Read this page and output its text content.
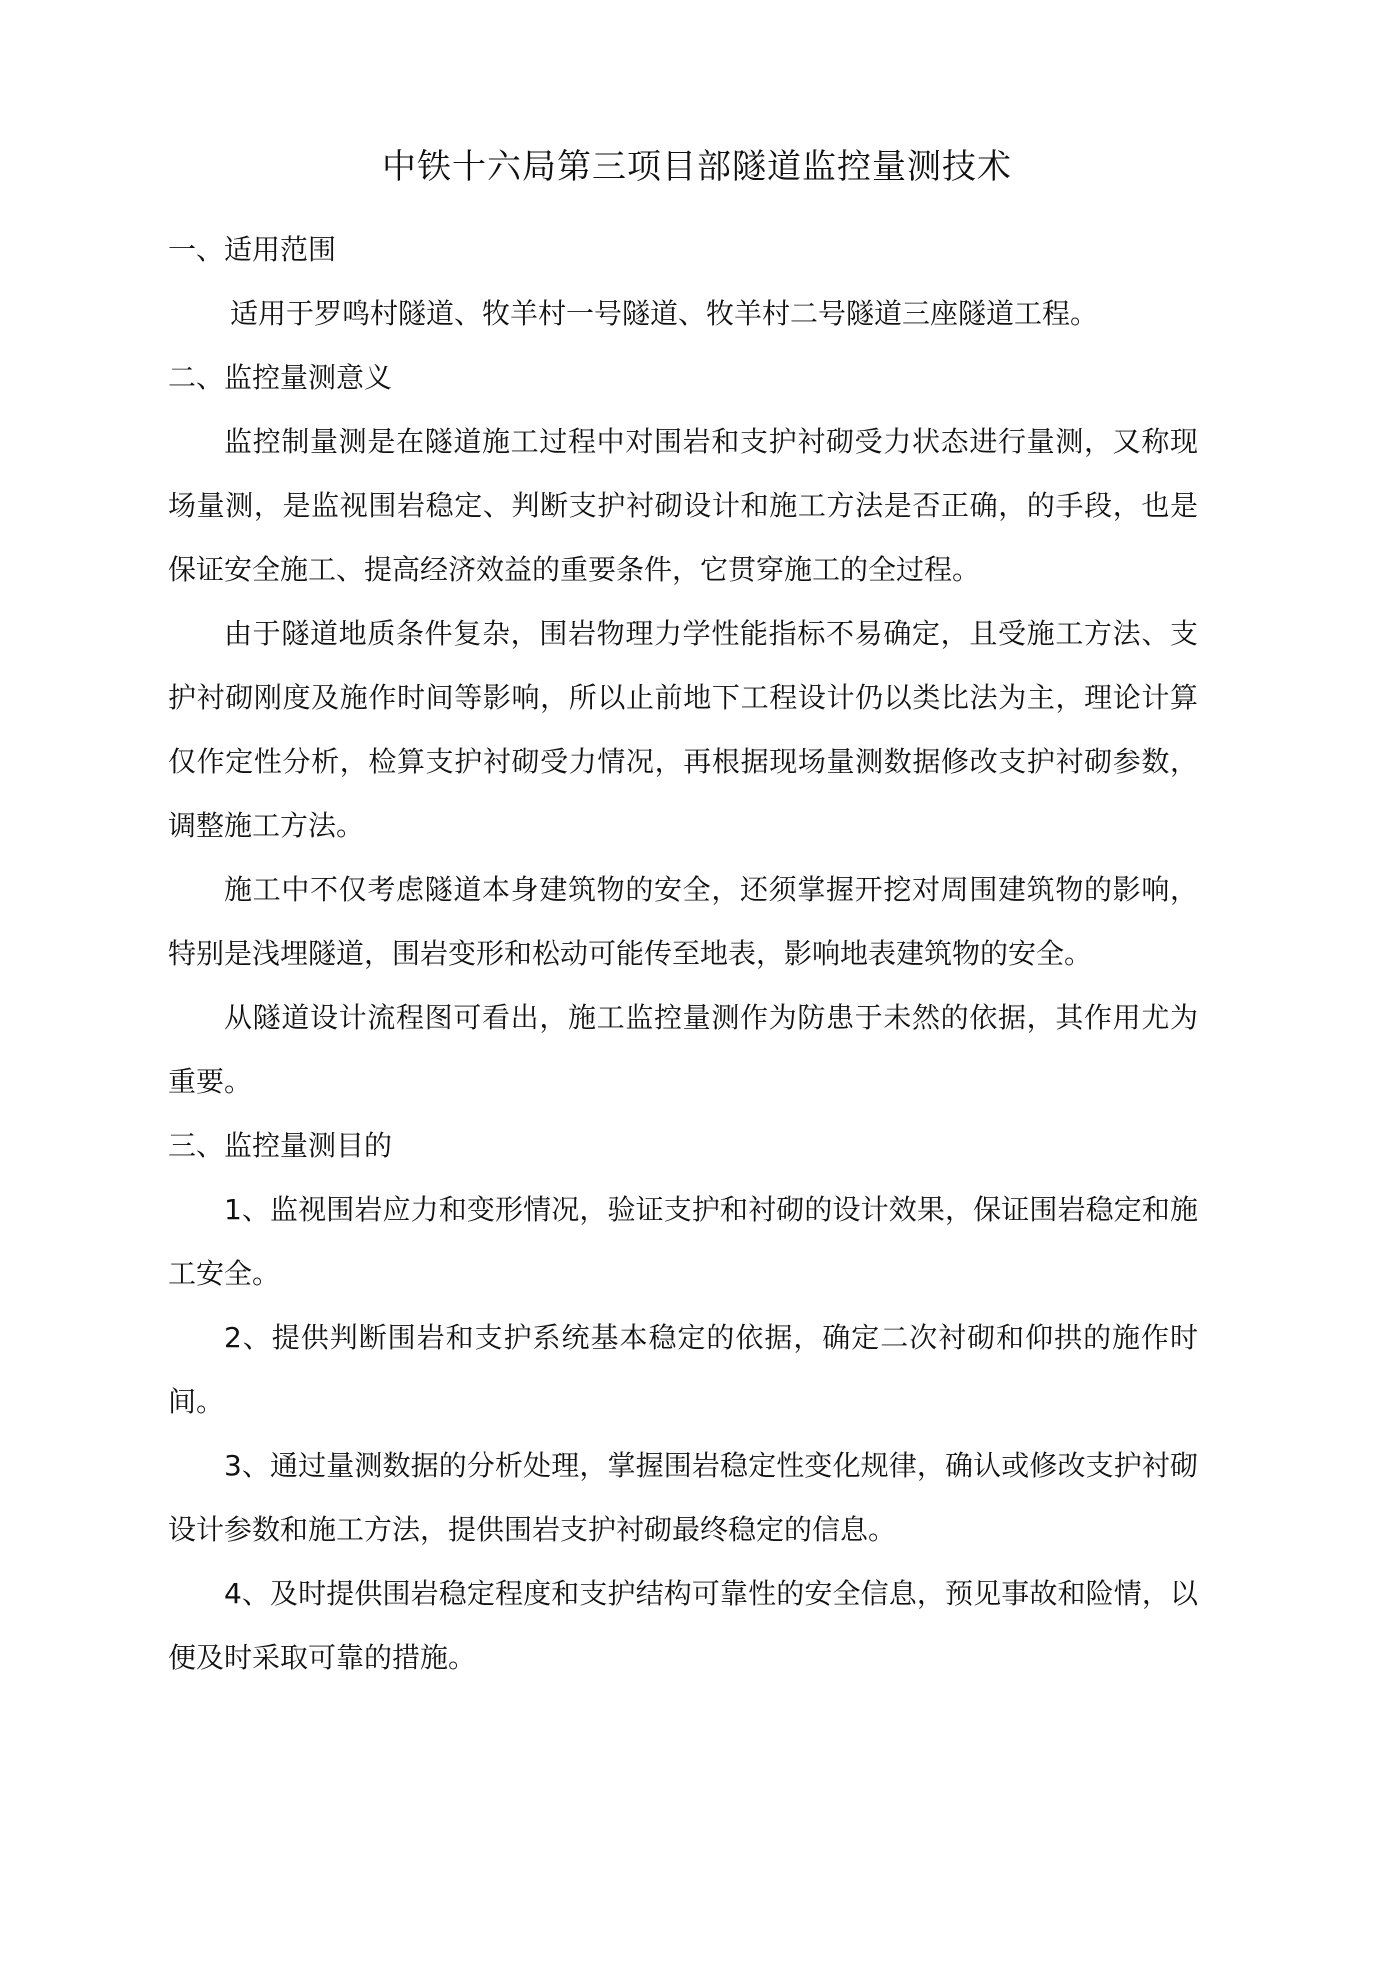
中铁十六局第三项目部隧道监控量测技术
一、适用范围

适用于罗鸣村隧道、牧羊村一号隧道、牧羊村二号隧道三座隧道工程。

二、监控量测意义

监控制量测是在隧道施工过程中对围岩和支护衬砌受力状态进行量测，又称现场量测，是监视围岩稳定、判断支护衬砌设计和施工方法是否正确，的手段，也是保证安全施工、提高经济效益的重要条件，它贯穿施工的全过程。

由于隧道地质条件复杂，围岩物理力学性能指标不易确定，且受施工方法、支护衬砌刚度及施作时间等影响，所以止前地下工程设计仍以类比法为主，理论计算仅作定性分析，检算支护衬砌受力情况，再根据现场量测数据修改支护衬砌参数，调整施工方法。

施工中不仅考虑隧道本身建筑物的安全，还须掌握开挖对周围建筑物的影响，特别是浅埋隧道，围岩变形和松动可能传至地表，影响地表建筑物的安全。

从隧道设计流程图可看出，施工监控量测作为防患于未然的依据，其作用尤为重要。

三、监控量测目的

1、监视围岩应力和变形情况，验证支护和衬砌的设计效果，保证围岩稳定和施工安全。

2、提供判断围岩和支护系统基本稳定的依据，确定二次衬砌和仰拱的施作时间。

3、通过量测数据的分析处理，掌握围岩稳定性变化规律，确认或修改支护衬砌设计参数和施工方法，提供围岩支护衬砌最终稳定的信息。

4、及时提供围岩稳定程度和支护结构可靠性的安全信息，预见事故和险情，以便及时采取可靠的措施。
